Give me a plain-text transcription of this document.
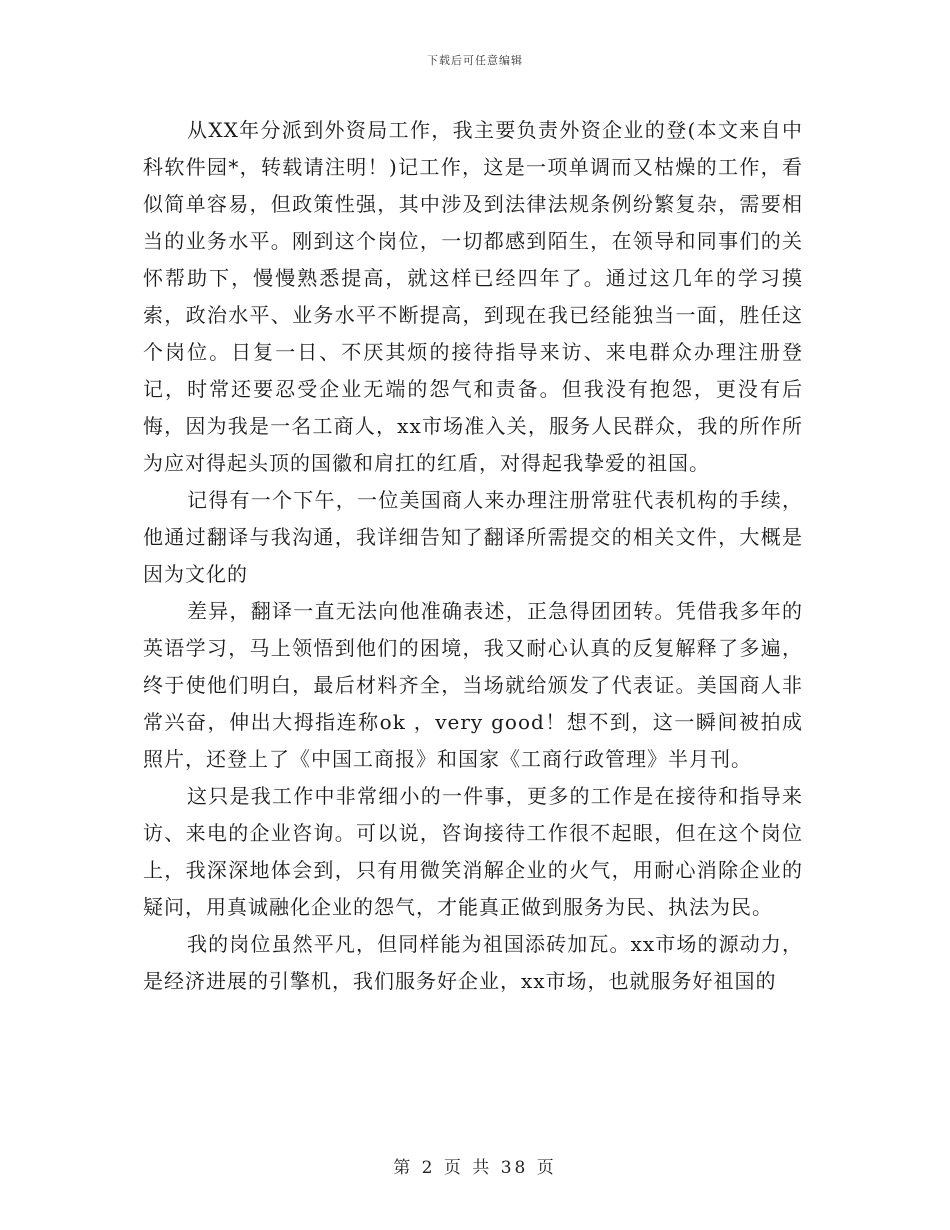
下载后可任意编辑

从XX年分派到外资局工作，我主要负责外资企业的登(本文来自中科软件园*，转载请注明！)记工作，这是一项单调而又枯燥的工作，看似简单容易，但政策性强，其中涉及到法律法规条例纷繁复杂，需要相当的业务水平。刚到这个岗位，一切都感到陌生，在领导和同事们的关怀帮助下，慢慢熟悉提高，就这样已经四年了。通过这几年的学习摸索，政治水平、业务水平不断提高，到现在我已经能独当一面，胜任这个岗位。日复一日、不厌其烦的接待指导来访、来电群众办理注册登记，时常还要忍受企业无端的怨气和责备。但我没有抱怨，更没有后悔，因为我是一名工商人，xx市场准入关，服务人民群众，我的所作所为应对得起头顶的国徽和肩扛的红盾，对得起我挚爱的祖国。

记得有一个下午，一位美国商人来办理注册常驻代表机构的手续，他通过翻译与我沟通，我详细告知了翻译所需提交的相关文件，大概是因为文化的

差异，翻译一直无法向他准确表述，正急得团团转。凭借我多年的英语学习，马上领悟到他们的困境，我又耐心认真的反复解释了多遍，终于使他们明白，最后材料齐全，当场就给颁发了代表证。美国商人非常兴奋，伸出大拇指连称ok ，very good！想不到，这一瞬间被拍成照片，还登上了《中国工商报》和国家《工商行政管理》半月刊。

这只是我工作中非常细小的一件事，更多的工作是在接待和指导来访、来电的企业咨询。可以说，咨询接待工作很不起眼，但在这个岗位上，我深深地体会到，只有用微笑消解企业的火气，用耐心消除企业的疑问，用真诚融化企业的怨气，才能真正做到服务为民、执法为民。

我的岗位虽然平凡，但同样能为祖国添砖加瓦。xx市场的源动力，是经济进展的引擎机，我们服务好企业，xx市场，也就服务好祖国的

第 2 页 共 38 页
